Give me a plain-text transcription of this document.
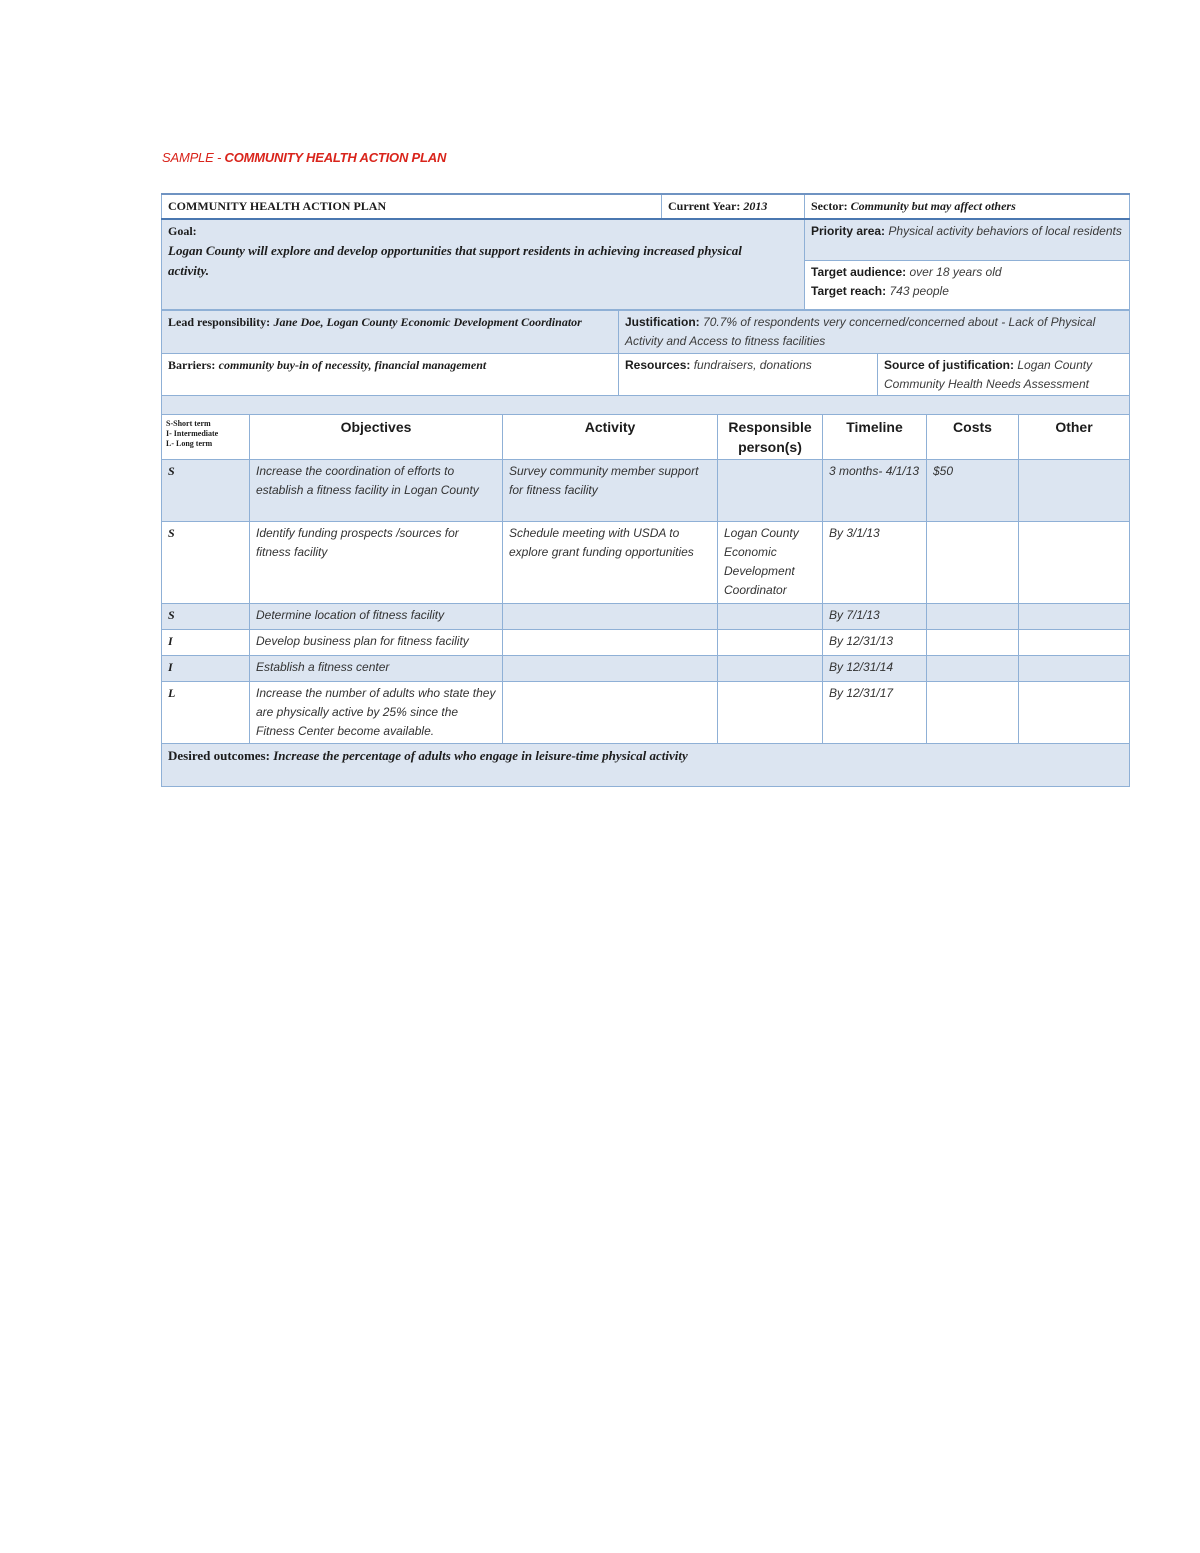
SAMPLE - COMMUNITY HEALTH ACTION PLAN
COMMUNITY HEALTH ACTION PLAN	Current Year: 2013	Sector: Community but may affect others

Goal:
Logan County will explore and develop opportunities that support residents in achieving increased physical activity.		Priority area: Physical activity behaviors of local residents

		Target audience: over 18 years old
Target reach: 743 people
Lead responsibility: Jane Doe, Logan County Economic Development Coordinator	Justification: 70.7% of respondents very concerned/concerned about - Lack of Physical Activity and Access to fitness facilities	
Barriers: community buy-in of necessity, financial management	Resources: fundraisers, donations	Source of justification: Logan County Community Health Needs Assessment

S-Short term
I- Intermediate
L- Long term	Objectives	Activity	Responsible person(s)	Timeline	Costs	Other
S	Increase the coordination of efforts to establish a fitness facility in Logan County	Survey community member support for fitness facility		3 months- 4/1/13	$50	
S	Identify funding prospects /sources for fitness facility	Schedule meeting with USDA to explore grant funding opportunities	Logan County Economic Development Coordinator	By 3/1/13		
S	Determine location of fitness facility			By 7/1/13		
I	Develop business plan for fitness facility			By 12/31/13		
I	Establish a fitness center			By 12/31/14		
L	Increase the number of adults who state they are physically active by 25% since the Fitness Center become available.			By 12/31/17		
Desired outcomes: Increase the percentage of adults who engage in leisure-time physical activity						
